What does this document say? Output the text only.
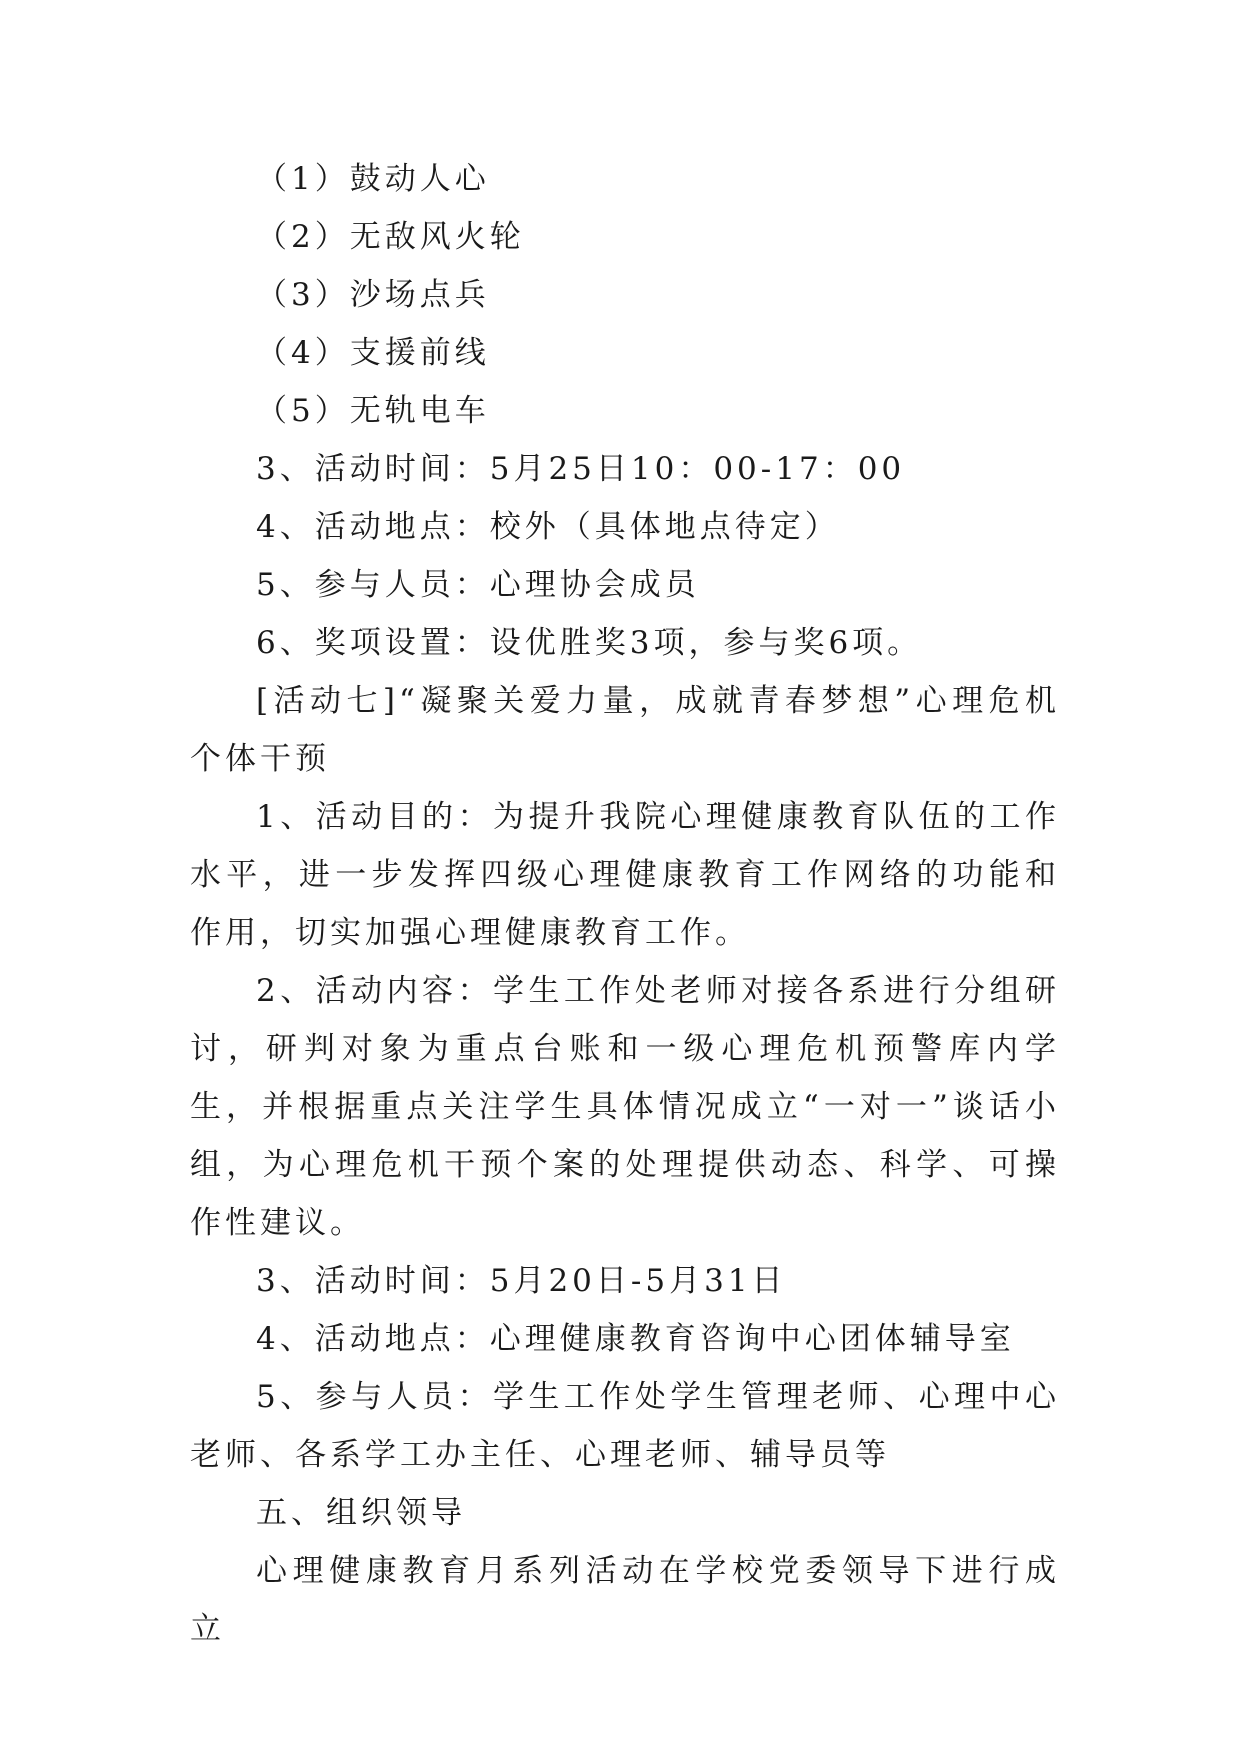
（1）鼓动人心

（2）无敌风火轮

（3）沙场点兵

（4）支援前线

（5）无轨电车

3、活动时间：5月25日10：00-17：00

4、活动地点：校外（具体地点待定）

5、参与人员：心理协会成员

6、奖项设置：设优胜奖3项，参与奖6项。

[活动七]“凝聚关爱力量，成就青春梦想”心理危机个体干预

1、活动目的：为提升我院心理健康教育队伍的工作水平，进一步发挥四级心理健康教育工作网络的功能和作用，切实加强心理健康教育工作。

2、活动内容：学生工作处老师对接各系进行分组研讨，研判对象为重点台账和一级心理危机预警库内学生，并根据重点关注学生具体情况成立“一对一”谈话小组，为心理危机干预个案的处理提供动态、科学、可操作性建议。

3、活动时间：5月20日-5月31日

4、活动地点：心理健康教育咨询中心团体辅导室

5、参与人员：学生工作处学生管理老师、心理中心老师、各系学工办主任、心理老师、辅导员等

五、组织领导

心理健康教育月系列活动在学校党委领导下进行成立
